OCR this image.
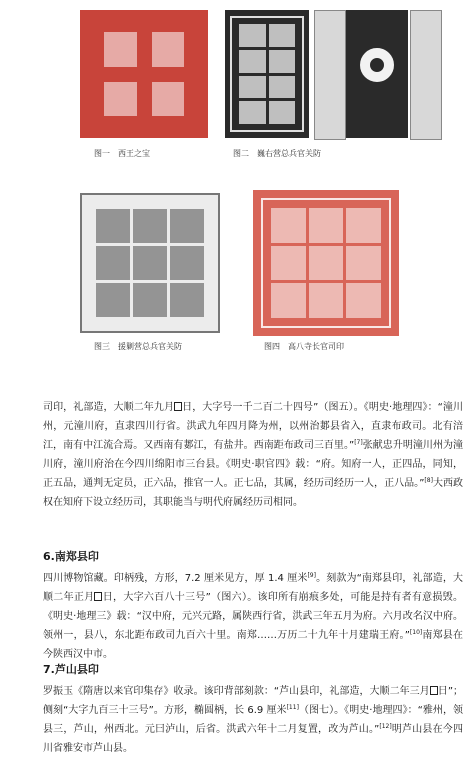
图一　西王之宝	图二　巍右营总兵官关防
图三　援剿营总兵官关防	图四　高八寺长官司印

司印，礼部造，大顺二年九月 日，大字号一千二百二十四号”（图五）。《明史·地理四》：“潼川州，元潼川府，直隶四川行省。洪武九年四月降为州，以州治郪县省入，直隶布政司。北有涪江，南有中江流合焉。又西南有郪江，有盐井。西南距布政司三百里。”[7]张献忠升明潼川州为潼川府，潼川府治在今四川绵阳市三台县。《明史·职官四》载：“府。知府一人，正四品，同知，正五品，通判无定员，正六品，推官一人。正七品，其属，经历司经历一人，正八品。”[8]大西政权在知府下设立经历司，其职能当与明代府属经历司相同。

6.南郑县印

四川博物馆藏。印柄残，方形，7.2 厘米见方，厚 1.4 厘米[9]。刻款为“南郑县印，礼部造，大顺二年正月 日，大字六百八十三号”（图六）。该印所有崩痕多处，可能是持有者有意损毁。《明史·地理三》载：“汉中府，元兴元路，属陕西行省，洪武三年五月为府。六月改名汉中府。领州一，县八，东北距布政司九百六十里。南郑……万历二十九年十月建瑞王府。”[10]南郑县在今陕西汉中市。

7.芦山县印

罗振玉《隋唐以来官印集存》收录。该印背部刻款：“芦山县印，礼部造，大顺二年三月 日”；侧刻“大字九百三十三号”。方形，椭圆柄，长 6.9 厘米[11]（图七）。《明史·地理四》：“雅州，领县三，芦山，州西北。元曰泸山，后省。洪武六年十二月复置，改为芦山。”[12]明芦山县在今四川省雅安市芦山县。
